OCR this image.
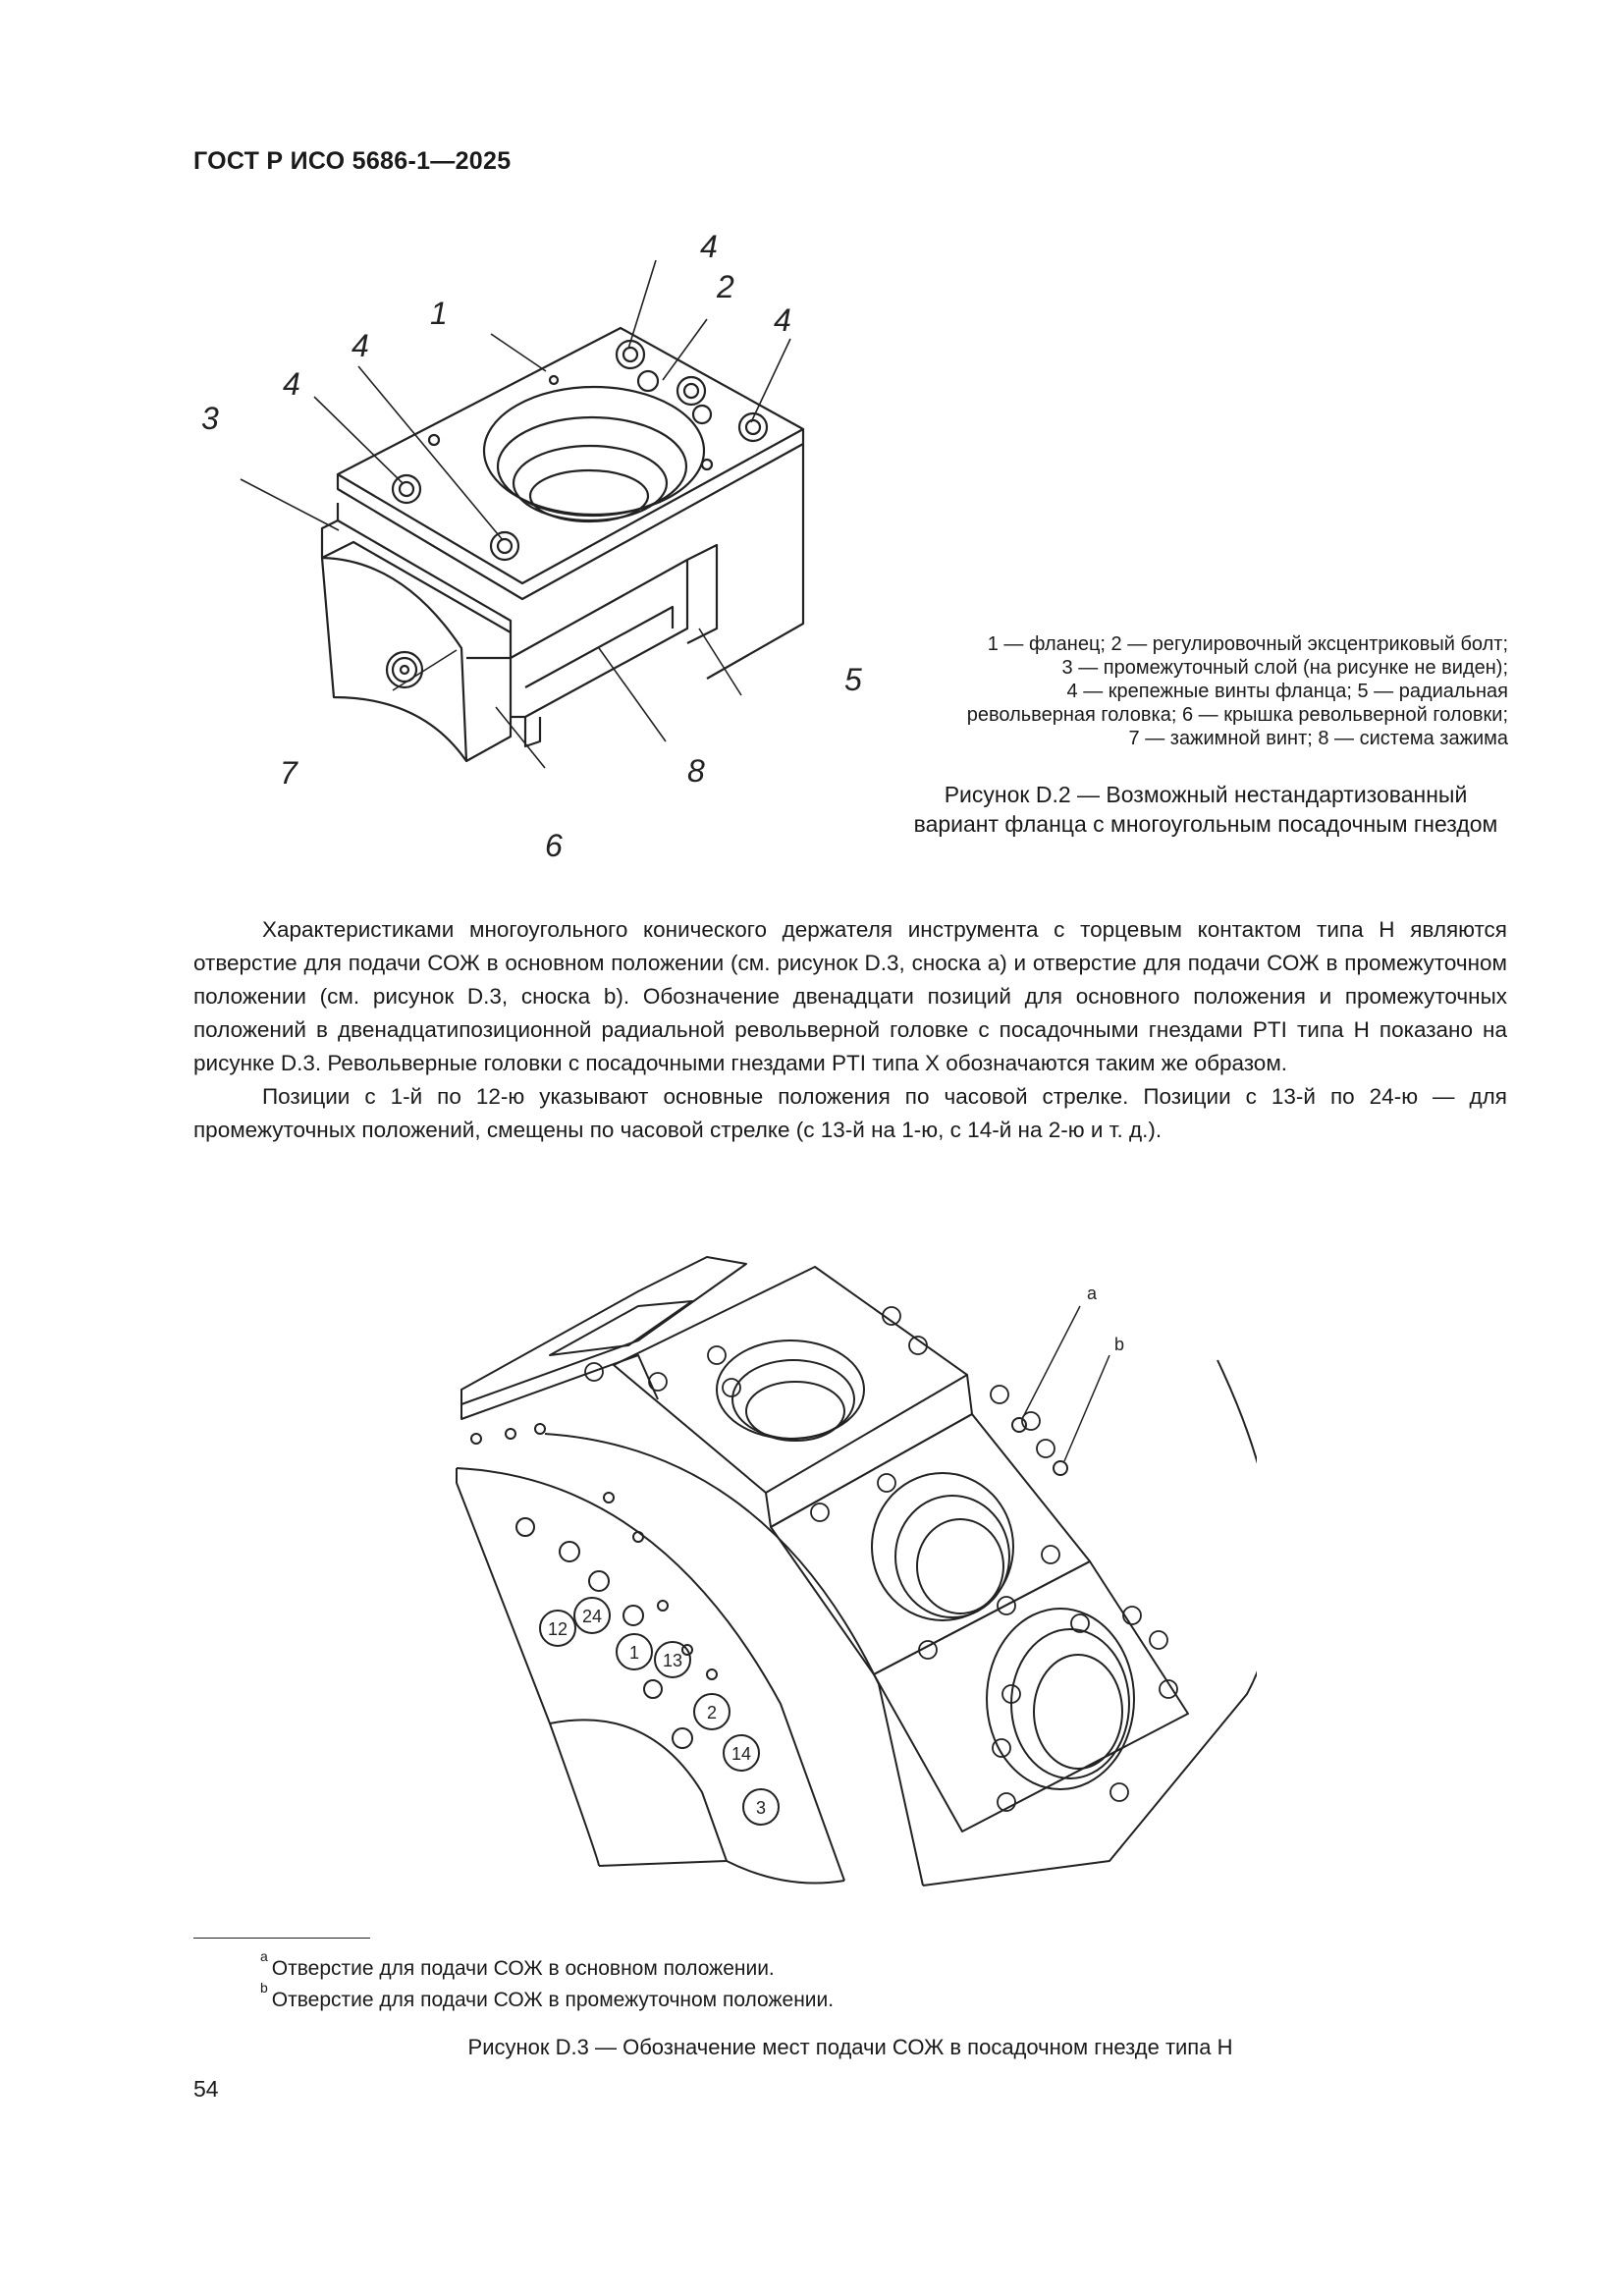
ГОСТ Р ИСО 5686-1—2025
4
2
4
1
4
4
3
5
7	8
6

1 — фланец; 2 — регулировочный эксцентриковый болт;

3 — промежуточный слой (на рисунке не виден);

4 — крепежные винты фланца; 5 — радиальная

револьверная головка; 6 — крышка револьверной головки;

7 — зажимной винт; 8 — система зажима

Рисунок D.2 — Возможный нестандартизованный вариант фланца с многоугольным посадочным гнездом

Характеристиками многоугольного конического держателя инструмента с торцевым контактом типа H являются отверстие для подачи СОЖ в основном положении (см. рисунок D.3, сноска a) и отверстие для подачи СОЖ в промежуточном положении (см. рисунок D.3, сноска b). Обозначение двенадцати позиций для основного положения и промежуточных положений в двенадцатипозиционной радиальной револьверной головке с посадочными гнездами PTI типа H показано на рисунке D.3. Револьверные головки с посадочными гнездами PTI типа X обозначаются таким же образом.

Позиции с 1-й по 12-ю указывают основные положения по часовой стрелке. Позиции с 13-й по 24-ю — для промежуточных положений, смещены по часовой стрелке (с 13-й на 1-ю, с 14-й на 2-ю и т. д.).

a
b
12
24
1 13
2
14
3
$^a$Отверстие для подачи СОЖ в основном положении.
$^b$Отверстие для подачи СОЖ в промежуточном положении.
Рисунок D.3 — Обозначение мест подачи СОЖ в посадочном гнезде типа H
54
